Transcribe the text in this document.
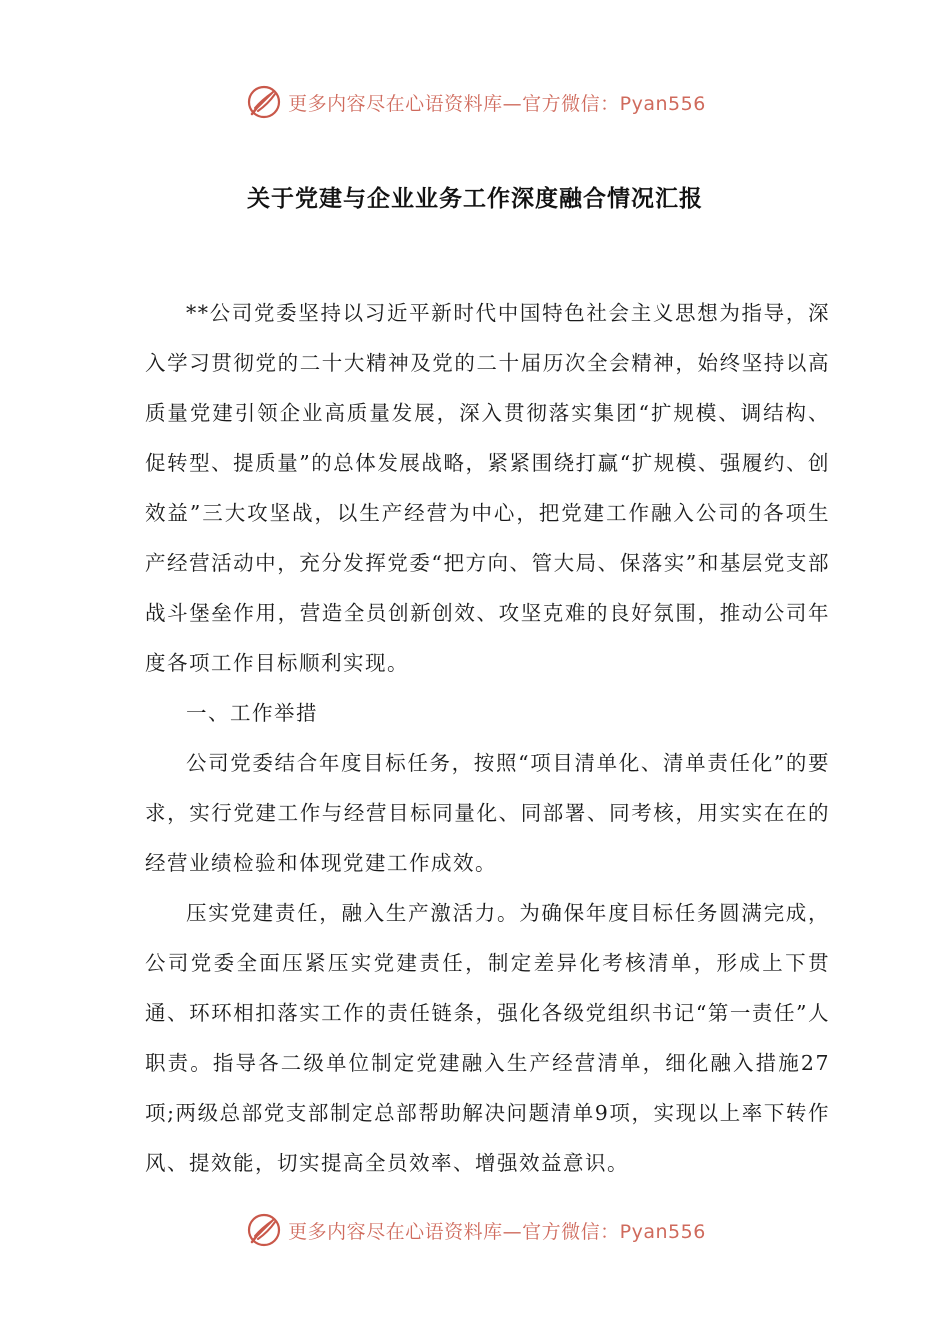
更多内容尽在心语资料库—官方微信：Pyan556
关于党建与企业业务工作深度融合情况汇报

**公司党委坚持以习近平新时代中国特色社会主义思想为指导，深入学习贯彻党的二十大精神及党的二十届历次全会精神，始终坚持以高质量党建引领企业高质量发展，深入贯彻落实集团“扩规模、调结构、促转型、提质量”的总体发展战略，紧紧围绕打赢“扩规模、强履约、创效益”三大攻坚战，以生产经营为中心，把党建工作融入公司的各项生产经营活动中，充分发挥党委“把方向、管大局、保落实”和基层党支部战斗堡垒作用，营造全员创新创效、攻坚克难的良好氛围，推动公司年度各项工作目标顺利实现。

一、工作举措

公司党委结合年度目标任务，按照“项目清单化、清单责任化”的要求，实行党建工作与经营目标同量化、同部署、同考核，用实实在在的经营业绩检验和体现党建工作成效。

压实党建责任，融入生产激活力。为确保年度目标任务圆满完成，公司党委全面压紧压实党建责任，制定差异化考核清单，形成上下贯通、环环相扣落实工作的责任链条，强化各级党组织书记“第一责任”人职责。指导各二级单位制定党建融入生产经营清单，细化融入措施27项;两级总部党支部制定总部帮助解决问题清单9项，实现以上率下转作风、提效能，切实提高全员效率、增强效益意识。

更多内容尽在心语资料库—官方微信：Pyan556
